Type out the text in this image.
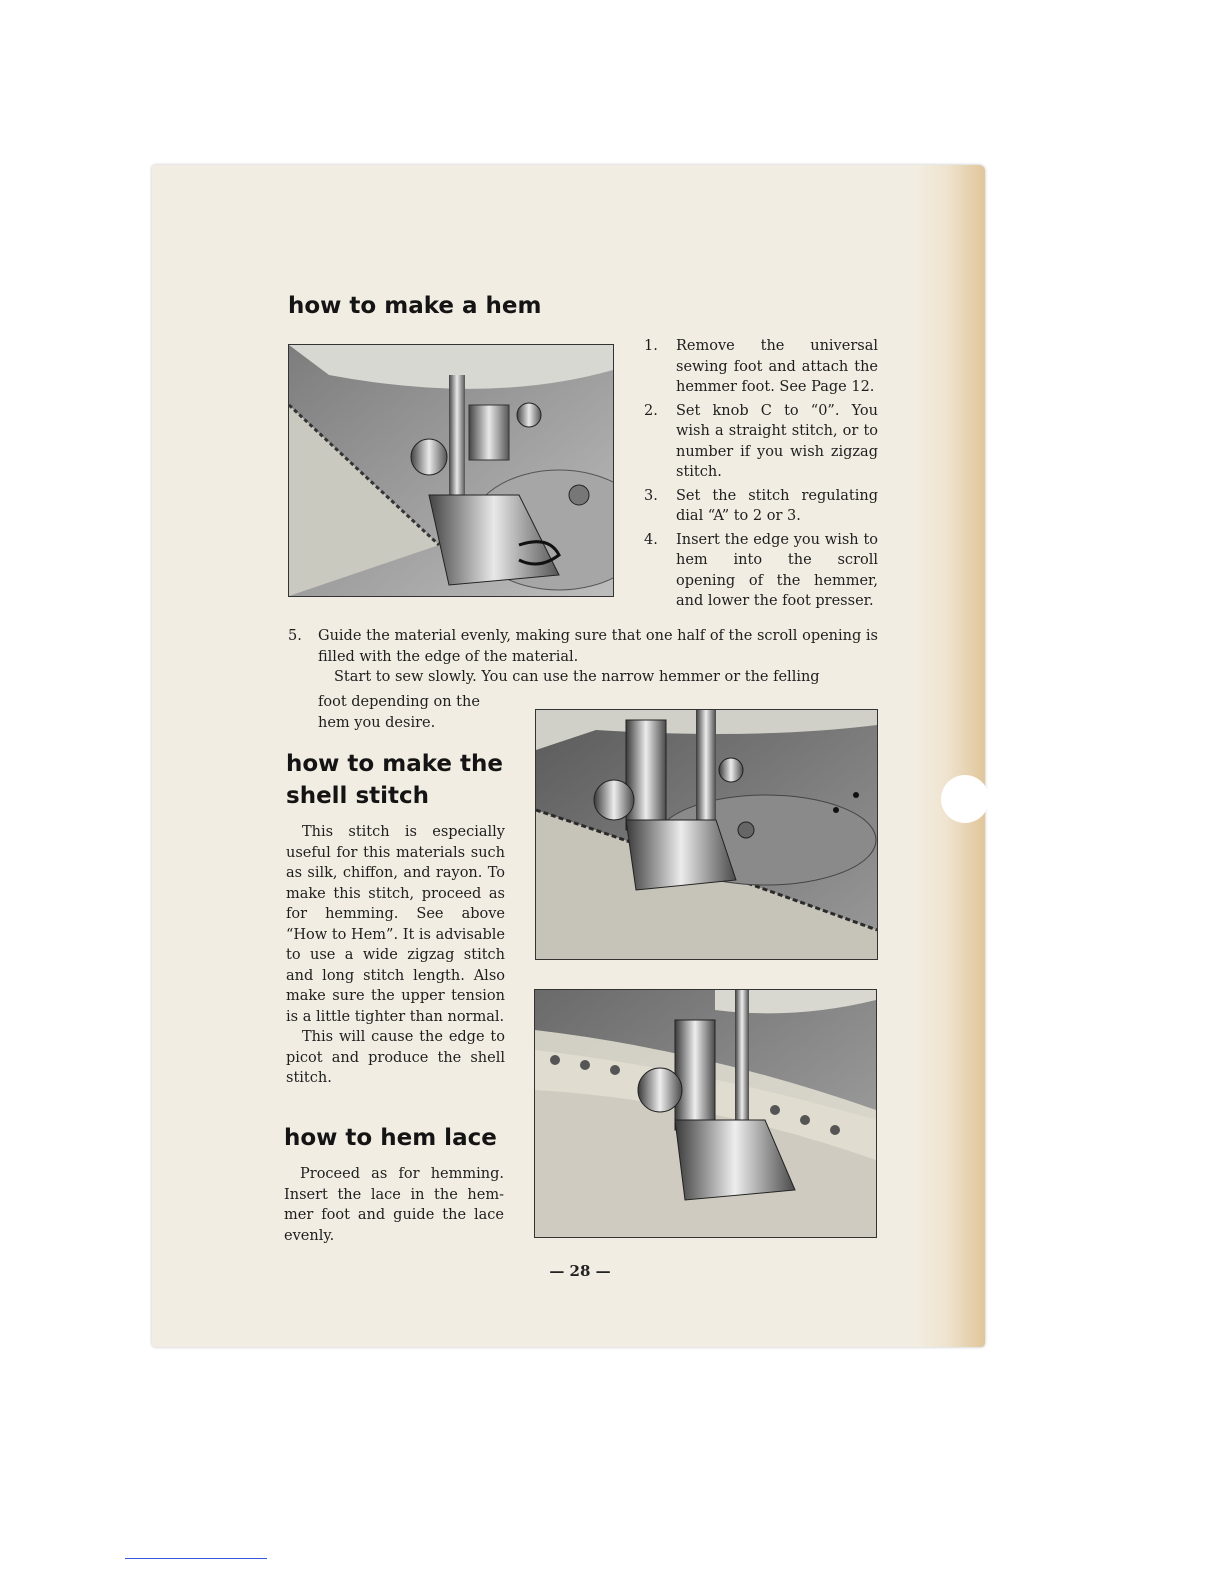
how to make a hem
1. Remove the universal sewing foot and attach the hemmer foot. See Page 12.
2. Set knob C to “0”. You wish a straight stitch, or to number if you wish zigzag stitch.
3. Set the stitch regulating dial “A” to 2 or 3.
4. Insert the edge you wish to hem into the scroll opening of the hemmer, and lower the foot presser.
5. Guide the material evenly, making sure that one half of the scroll opening is filled with the edge of the material.
Start to sew slowly. You can use the narrow hemmer or the felling
foot depending on the hem you desire.
how to make the
shell stitch

This stitch is especially useful for this materials such as silk, chiffon, and rayon. To make this stitch, proceed as for hemming. See above “How to Hem”. It is advisable to use a wide zigzag stitch and long stitch length. Also make sure the upper tension is a little tighter than normal.

This will cause the edge to picot and produce the shell stitch.

how to hem lace

Proceed as for hemming. Insert the lace in the hem-mer foot and guide the lace evenly.

— 28 —
